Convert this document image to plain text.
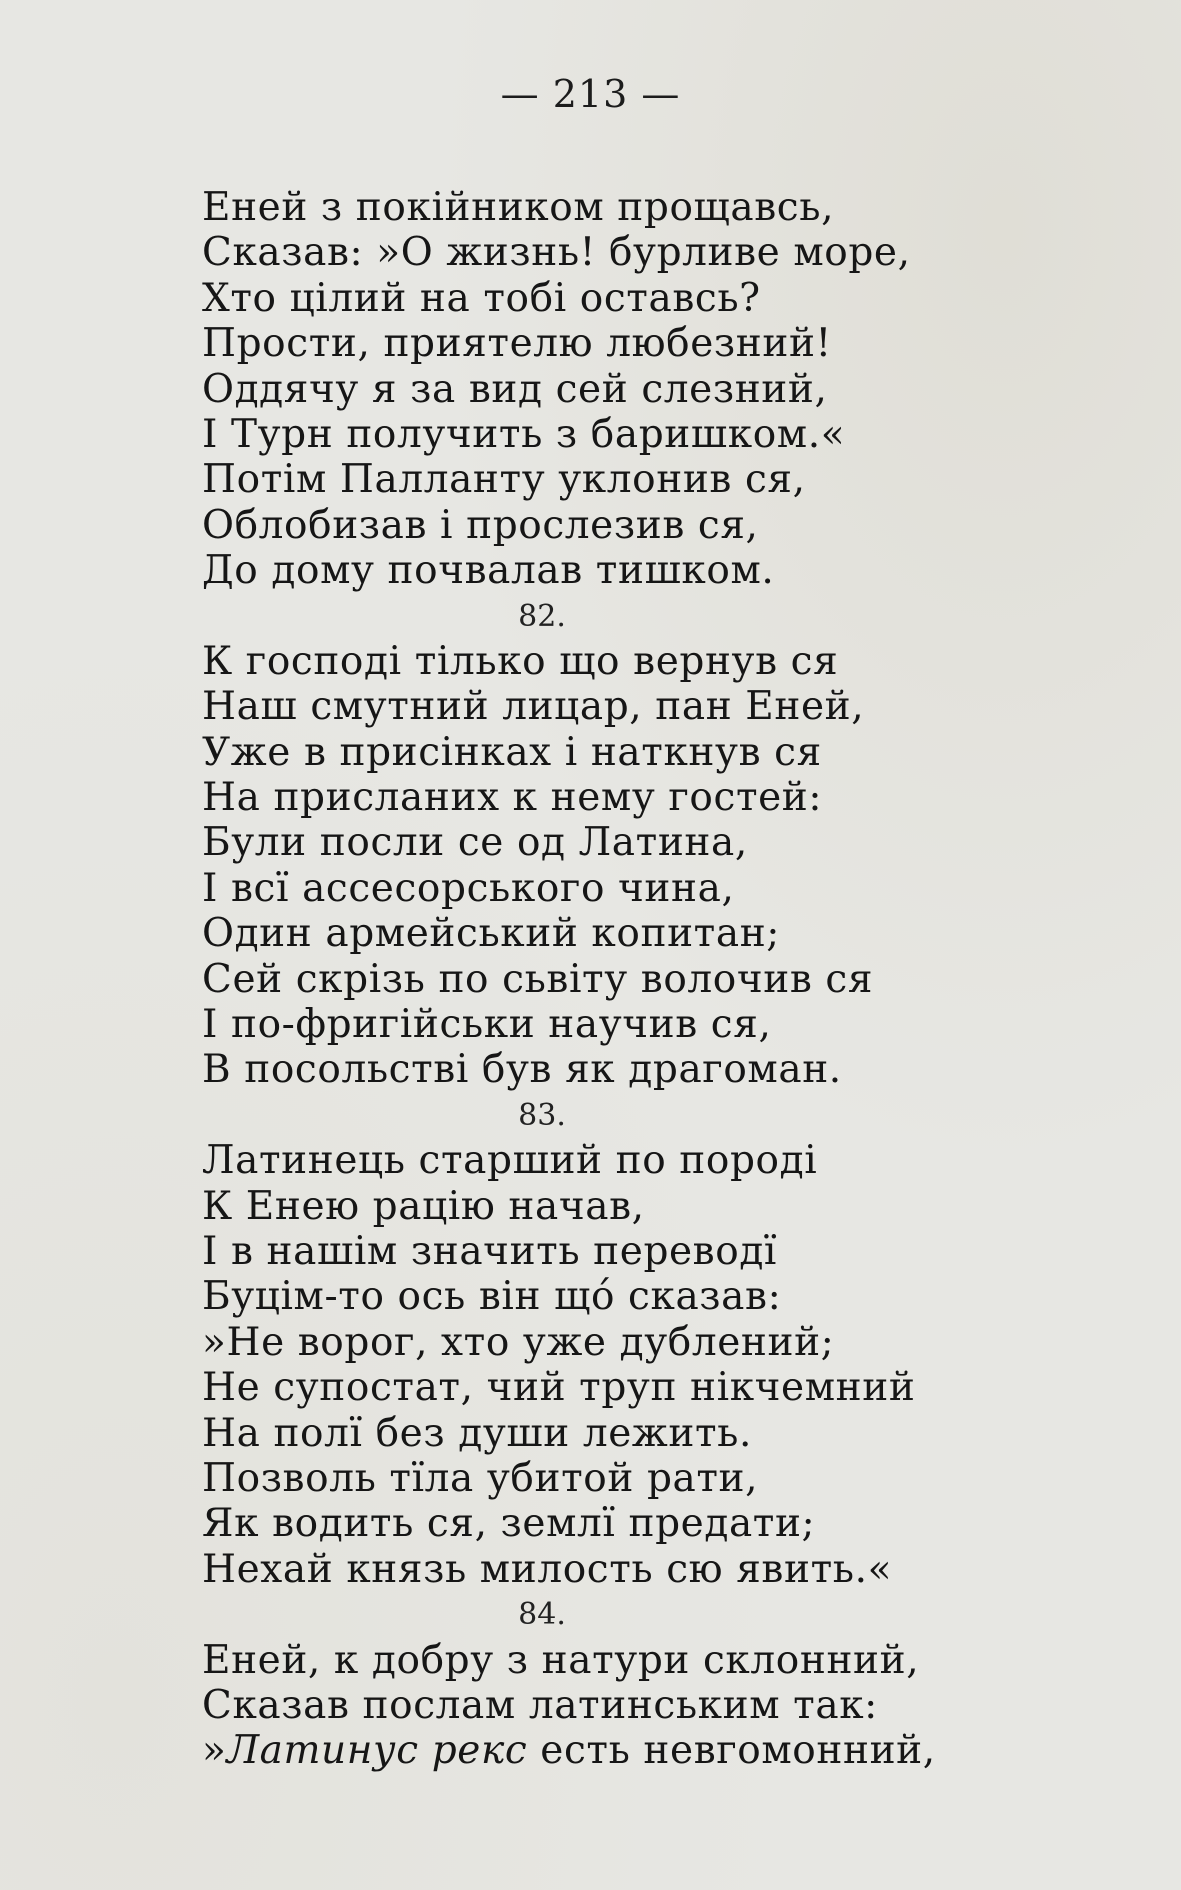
— 213 —
Еней з покійником прощавсь,
Сказав: »О жизнь! бурливе море,
Хто цілий на тобі оставсь?
Прости, приятелю любезний!
Оддячу я за вид сей слезний,
І Турн получить з баришком.«
Потім Палланту уклонив ся,
Облобизав і прослезив ся,
До дому почвалав тишком.
82.
К господі тілько що вернув ся
Наш смутний лицар, пан Еней,
Уже в присінках і наткнув ся
На присланих к нему гостей:
Були посли се од Латина,
І всї ассесорського чина,
Один армейський копитан;
Сей скрізь по сьвіту волочив ся
І по-фригійськи научив ся,
В посольстві був як драгоман.
83.
Латинець старший по породі
К Енею рацію начав,
І в нашім значить переводї
Буцім-то ось він що́ сказав:
»Не ворог, хто уже дублений;
Не супостат, чий труп нікчемний
На полї без души лежить.
Позволь тїла убитой рати,
Як водить ся, землї предати;
Нехай князь милость сю явить.«
84.
Еней, к добру з натури склонний,
Сказав послам латинським так:
»Латинус рекс есть невгомонний,
